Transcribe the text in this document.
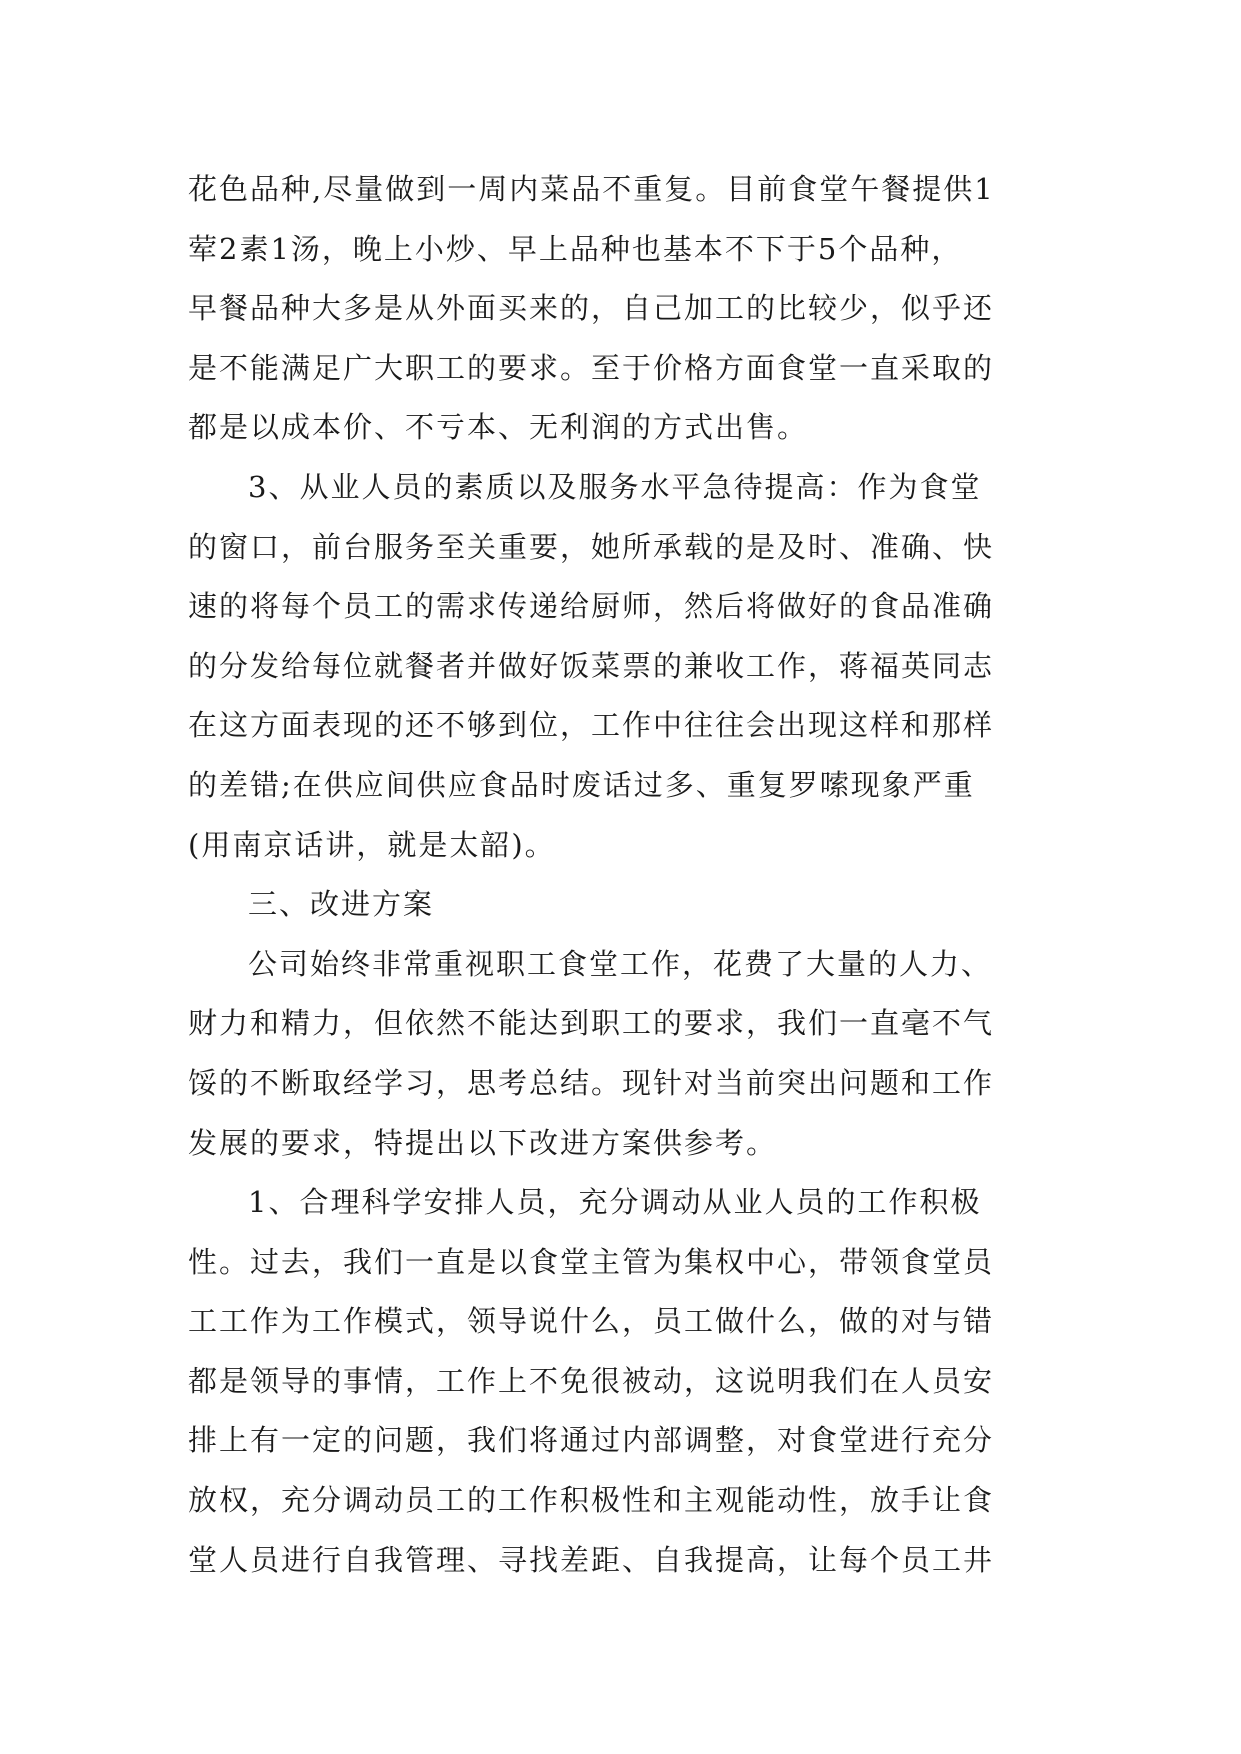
花色品种,尽量做到一周内菜品不重复。目前食堂午餐提供1
荤2素1汤，晚上小炒、早上品种也基本不下于5个品种，
早餐品种大多是从外面买来的，自己加工的比较少，似乎还
是不能满足广大职工的要求。至于价格方面食堂一直采取的
都是以成本价、不亏本、无利润的方式出售。
3、从业人员的素质以及服务水平急待提高：作为食堂
的窗口，前台服务至关重要，她所承载的是及时、准确、快
速的将每个员工的需求传递给厨师，然后将做好的食品准确
的分发给每位就餐者并做好饭菜票的兼收工作，蒋福英同志
在这方面表现的还不够到位，工作中往往会出现这样和那样
的差错;在供应间供应食品时废话过多、重复罗嗦现象严重
(用南京话讲，就是太韶)。
三、改进方案
公司始终非常重视职工食堂工作，花费了大量的人力、
财力和精力，但依然不能达到职工的要求，我们一直毫不气
馁的不断取经学习，思考总结。现针对当前突出问题和工作
发展的要求，特提出以下改进方案供参考。
1、合理科学安排人员，充分调动从业人员的工作积极
性。过去，我们一直是以食堂主管为集权中心，带领食堂员
工工作为工作模式，领导说什么，员工做什么，做的对与错
都是领导的事情，工作上不免很被动，这说明我们在人员安
排上有一定的问题，我们将通过内部调整，对食堂进行充分
放权，充分调动员工的工作积极性和主观能动性，放手让食
堂人员进行自我管理、寻找差距、自我提高，让每个员工井
